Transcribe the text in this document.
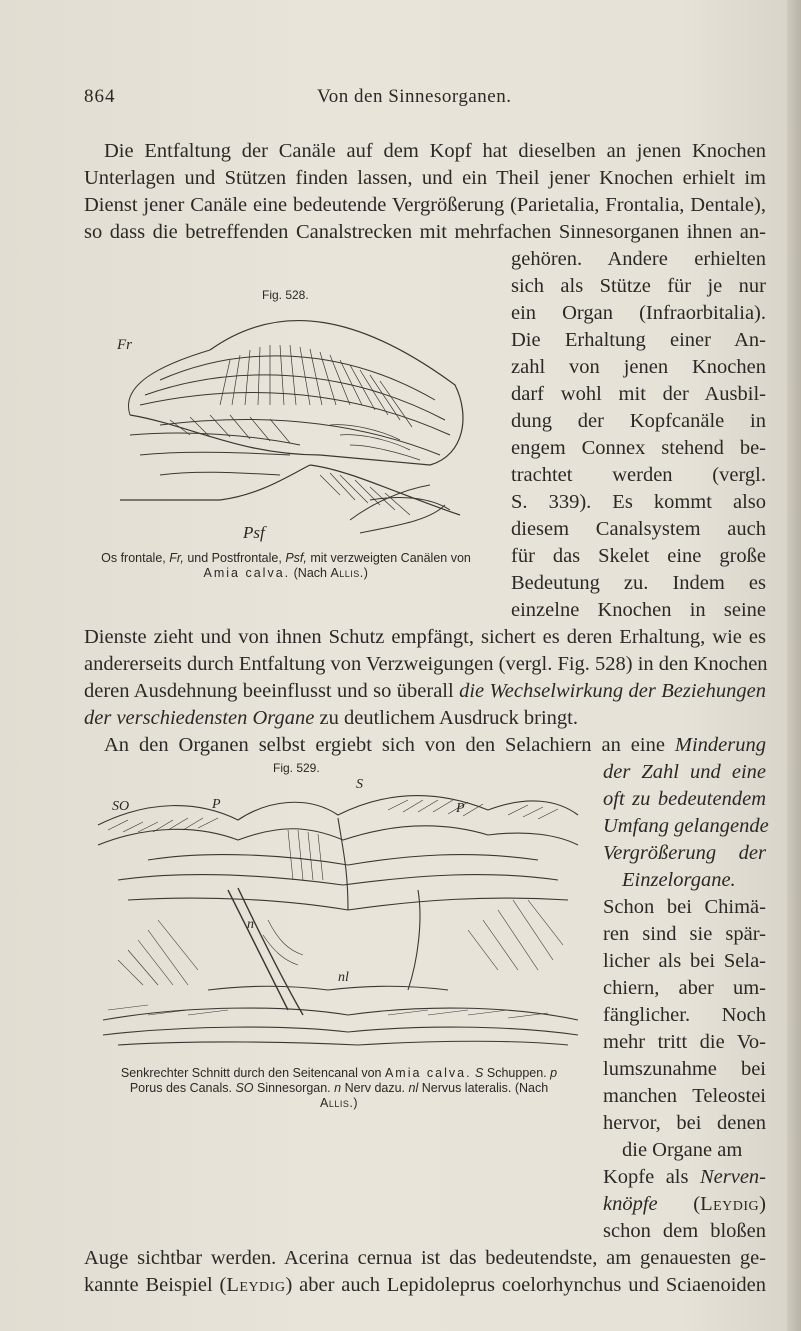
864	Von den Sinnesorganen.
Die Entfaltung der Canäle auf dem Kopf hat dieselben an jenen Knochen
Unterlagen und Stützen finden lassen, und ein Theil jener Knochen erhielt im
Dienst jener Canäle eine bedeutende Vergrößerung (Parietalia, Frontalia, Dentale),
so dass die betreffenden Canalstrecken mit mehrfachen Sinnesorganen ihnen an-
gehören. Andere erhielten
sich als Stütze für je nur
ein Organ (Infraorbitalia).
Die Erhaltung einer An-
zahl von jenen Knochen
darf wohl mit der Ausbil-
dung der Kopfcanäle in
engem Connex stehend be-
trachtet werden (vergl.
S. 339). Es kommt also
diesem Canalsystem auch
für das Skelet eine große
Bedeutung zu. Indem es
einzelne Knochen in seine
Fig. 528.
Fr
Psf
Os frontale, Fr, und Postfrontale, Psf, mit verzweigten Canälen von
Amia calva. (Nach Allis.)
Dienste zieht und von ihnen Schutz empfängt, sichert es deren Erhaltung, wie es
andererseits durch Entfaltung von Verzweigungen (vergl. Fig. 528) in den Knochen
deren Ausdehnung beeinflusst und so überall die Wechselwirkung der Beziehungen
der verschiedensten Organe zu deutlichem Ausdruck bringt.
An den Organen selbst ergiebt sich von den Selachiern an eine Minderung
der Zahl und eine
oft zu bedeutendem
Umfang gelangende
Vergrößerung der
Einzelorgane.
Schon bei Chimä-
ren sind sie spär-
licher als bei Sela-
chiern, aber um-
fänglicher. Noch
mehr tritt die Vo-
lumszunahme bei
manchen Teleostei
hervor, bei denen
die Organe am
Kopfe als Nerven-
knöpfe (Leydig)
schon dem bloßen
Fig. 529.
SO	P
S
P
n
nl
Senkrechter Schnitt durch den Seitencanal von Amia calva. S Schuppen. p
Porus des Canals. SO Sinnesorgan. n Nerv dazu. nl Nervus lateralis. (Nach
Allis.)
Auge sichtbar werden. Acerina cernua ist das bedeutendste, am genauesten ge-
kannte Beispiel (Leydig) aber auch Lepidoleprus coelorhynchus und Sciaenoiden
